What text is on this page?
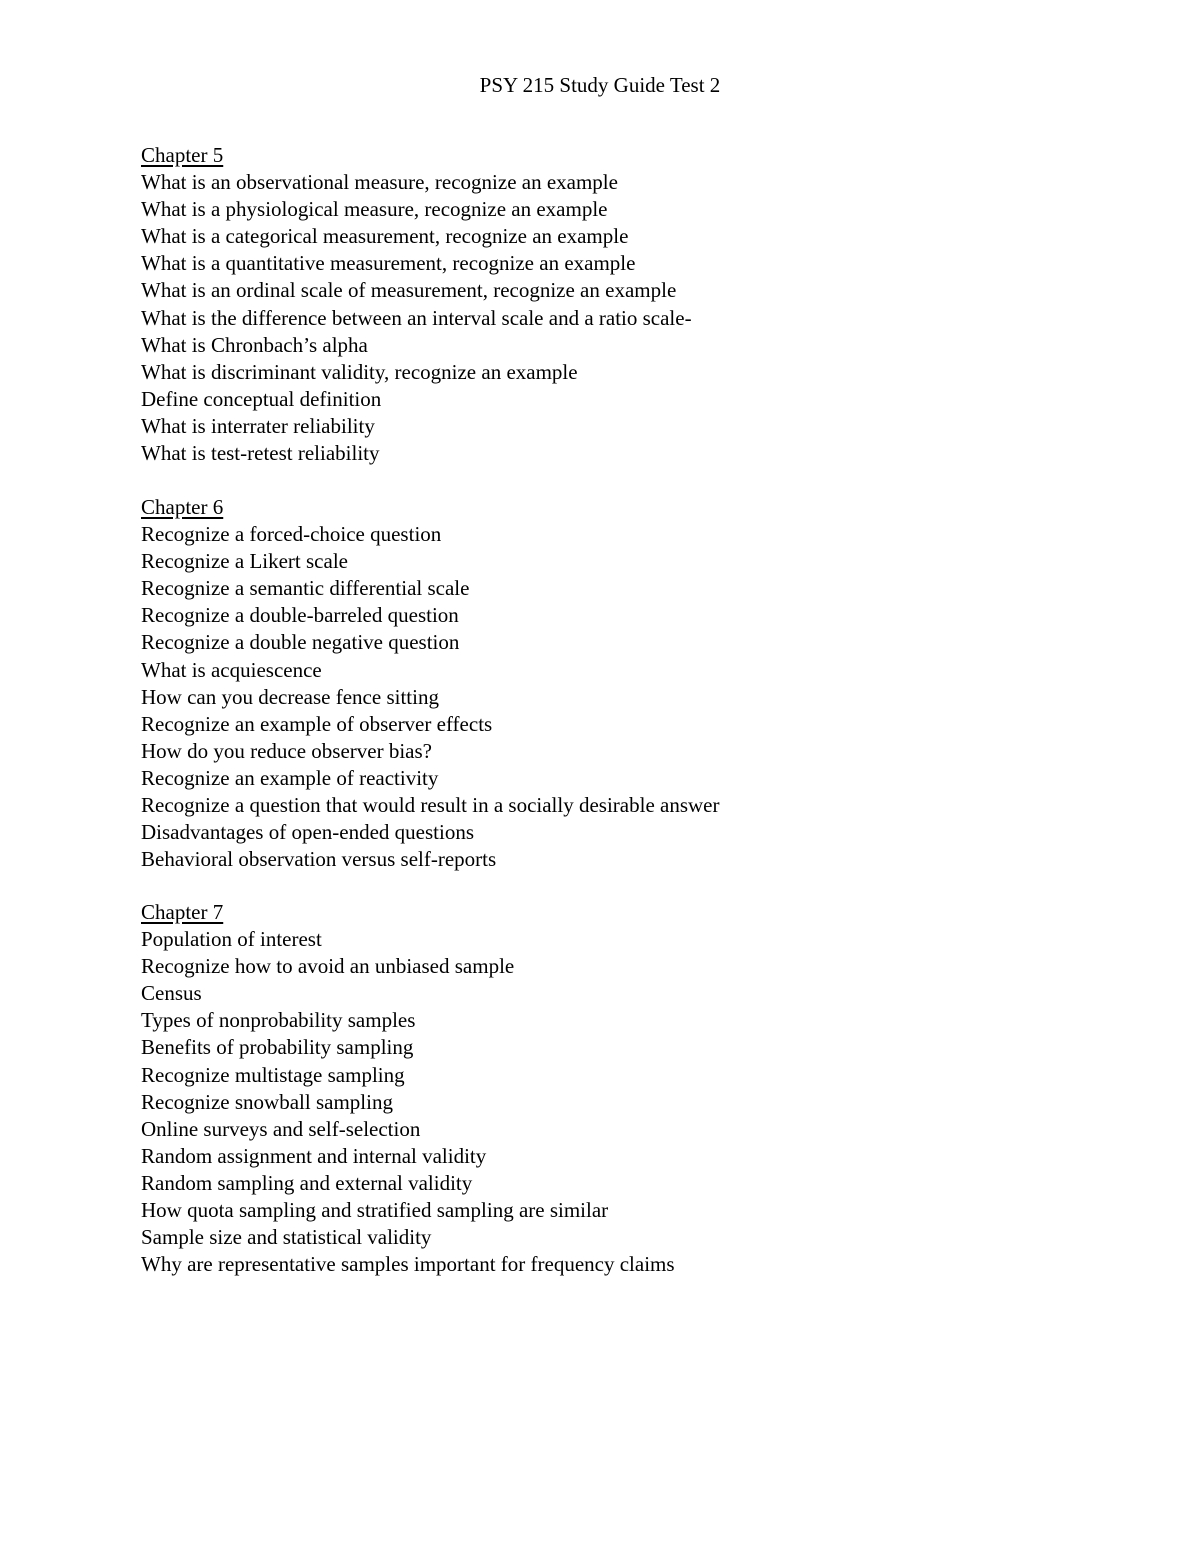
PSY 215 Study Guide Test 2
Chapter 5
What is an observational measure, recognize an example
What is a physiological measure, recognize an example
What is a categorical measurement, recognize an example
What is a quantitative measurement, recognize an example
What is an ordinal scale of measurement, recognize an example
What is the difference between an interval scale and a ratio scale-
What is Chronbach’s alpha
What is discriminant validity, recognize an example
Define conceptual definition
What is interrater reliability
What is test-retest reliability
Chapter 6
Recognize a forced-choice question
Recognize a Likert scale
Recognize a semantic differential scale
Recognize a double-barreled question
Recognize a double negative question
What is acquiescence
How can you decrease fence sitting
Recognize an example of observer effects
How do you reduce observer bias?
Recognize an example of reactivity
Recognize a question that would result in a socially desirable answer
Disadvantages of open-ended questions
Behavioral observation versus self-reports
Chapter 7
Population of interest
Recognize how to avoid an unbiased sample
Census
Types of nonprobability samples
Benefits of probability sampling
Recognize multistage sampling
Recognize snowball sampling
Online surveys and self-selection
Random assignment and internal validity
Random sampling and external validity
How quota sampling and stratified sampling are similar
Sample size and statistical validity
Why are representative samples important for frequency claims
